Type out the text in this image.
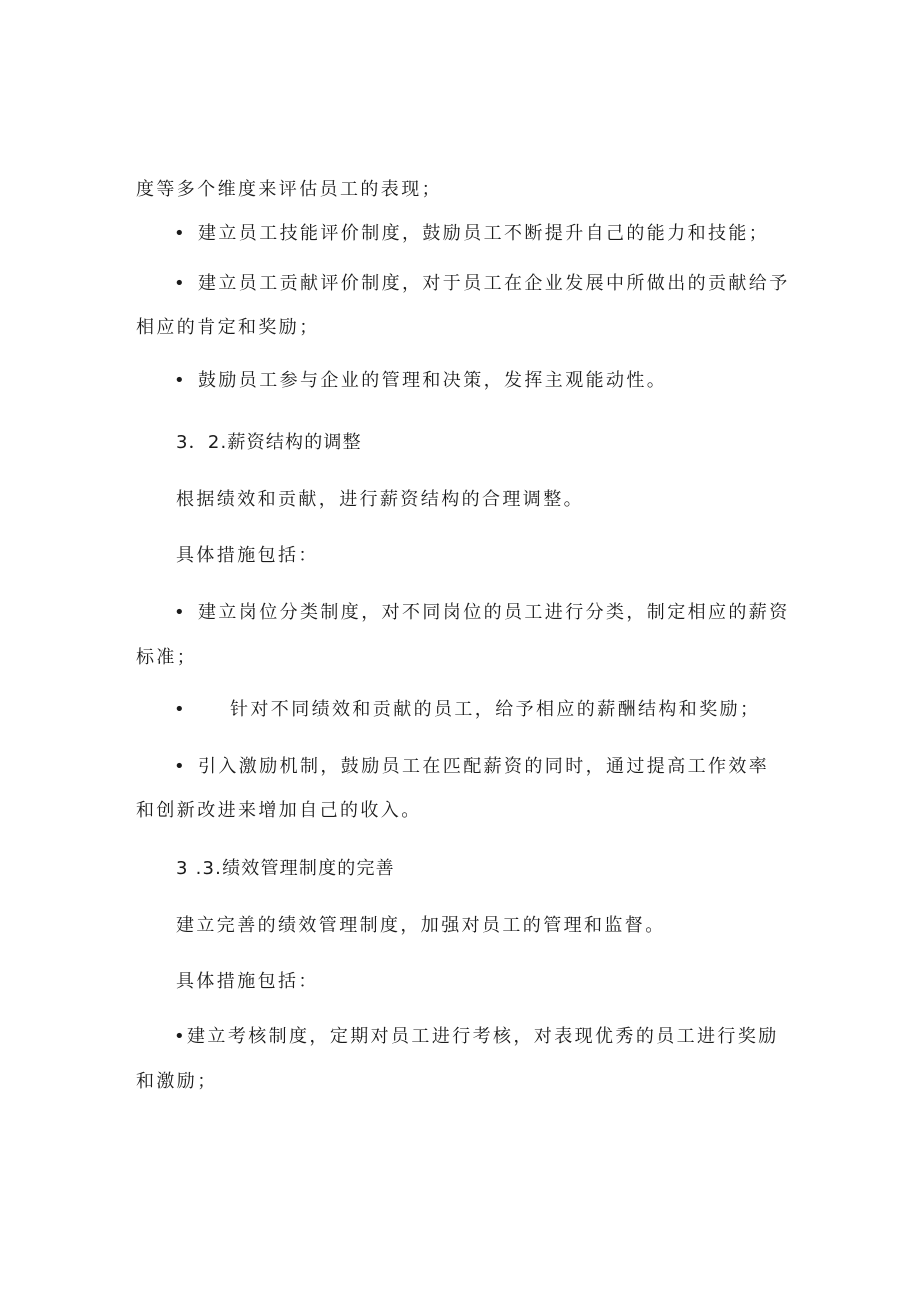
度等多个维度来评估员工的表现；

• 建立员工技能评价制度，鼓励员工不断提升自己的能力和技能；

• 建立员工贡献评价制度，对于员工在企业发展中所做出的贡献给予

相应的肯定和奖励；

• 鼓励员工参与企业的管理和决策，发挥主观能动性。

3．2.薪资结构的调整

根据绩效和贡献，进行薪资结构的合理调整。

具体措施包括：

• 建立岗位分类制度，对不同岗位的员工进行分类，制定相应的薪资

标准；

•	针对不同绩效和贡献的员工，给予相应的薪酬结构和奖励；

• 引入激励机制，鼓励员工在匹配薪资的同时，通过提高工作效率

和创新改进来增加自己的收入。

3 .3.绩效管理制度的完善

建立完善的绩效管理制度，加强对员工的管理和监督。

具体措施包括：

•建立考核制度，定期对员工进行考核，对表现优秀的员工进行奖励

和激励；
